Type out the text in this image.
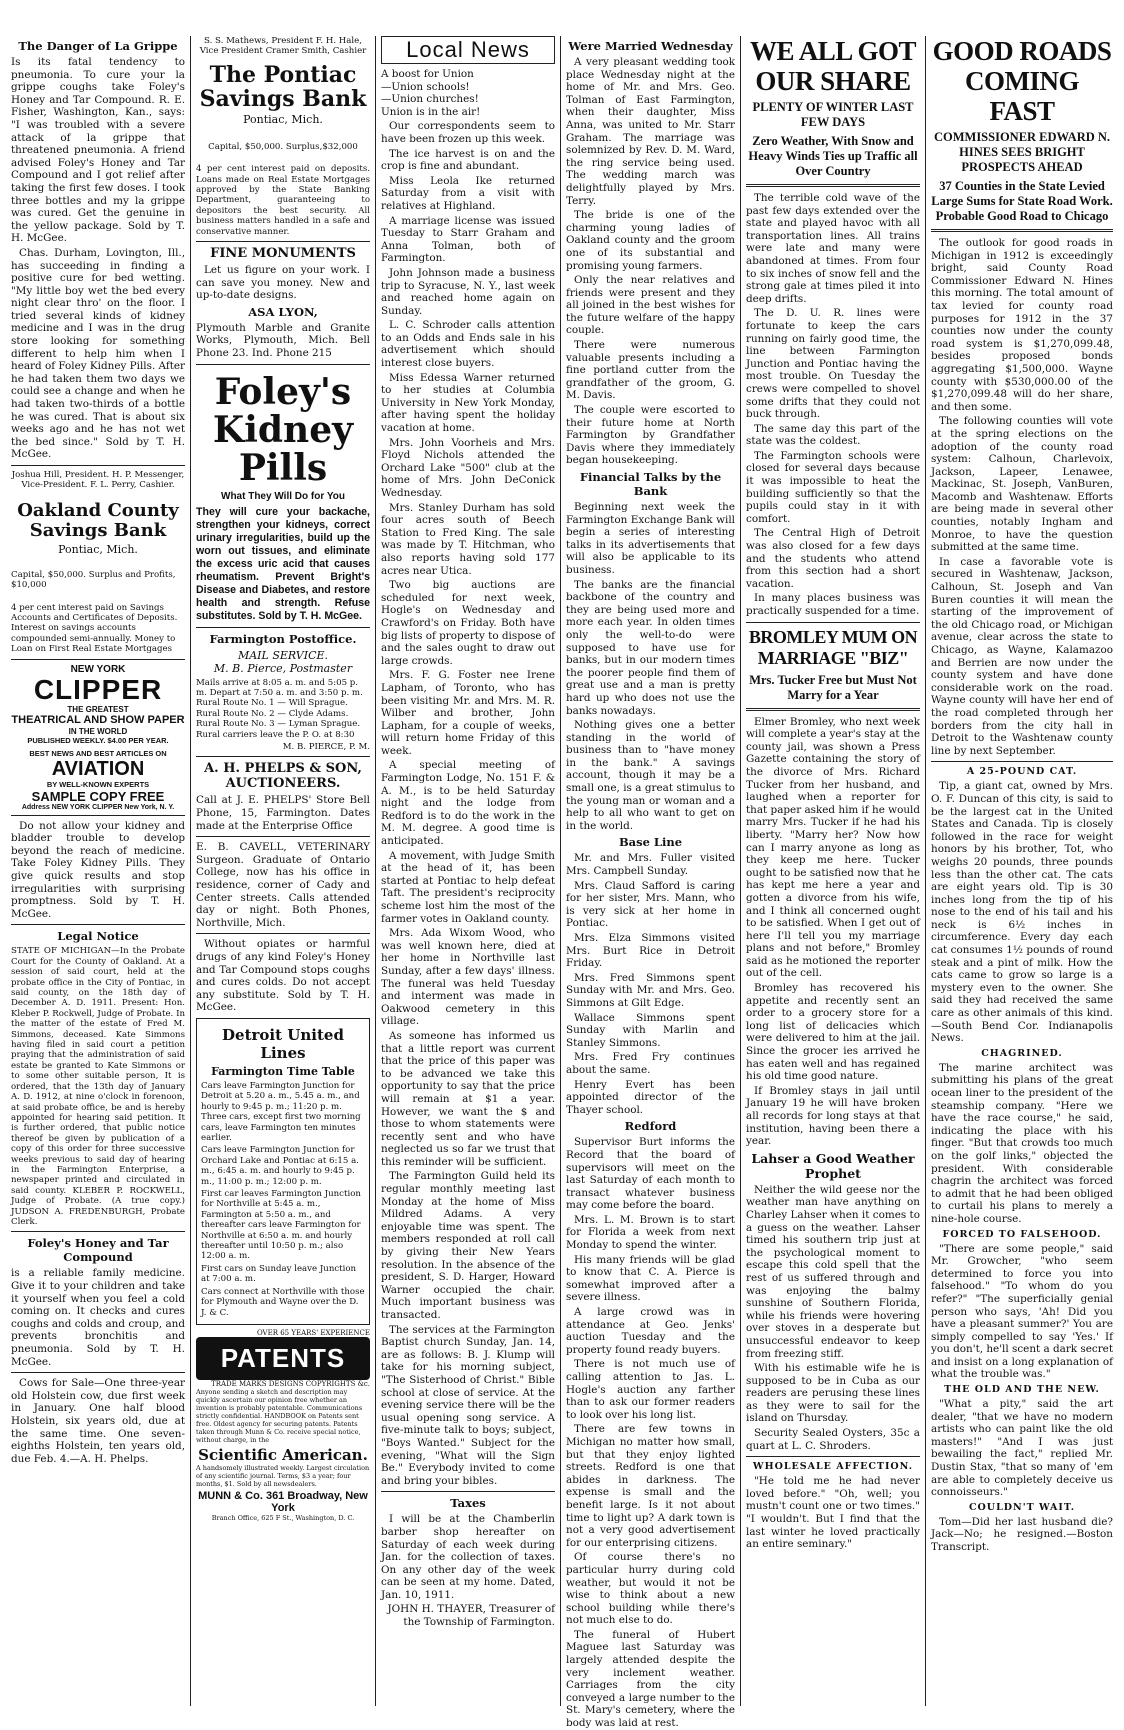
The Danger of La Grippe

Is its fatal tendency to pneumonia. To cure your la grippe coughs take Foley's Honey and Tar Compound. R. E. Fisher, Washington, Kan., says: "I was troubled with a severe attack of la grippe that threatened pneumonia. A friend advised Foley's Honey and Tar Compound and I got relief after taking the first few doses. I took three bottles and my la grippe was cured. Get the genuine in the yellow package. Sold by T. H. McGee.

Chas. Durham, Lovington, Ill., has succeeding in finding a positive cure for bed wetting. "My little boy wet the bed every night clear thro' on the floor. I tried several kinds of kidney medicine and I was in the drug store looking for something different to help him when I heard of Foley Kidney Pills. After he had taken them two days we could see a change and when he had taken two-thirds of a bottle he was cured. That is about six weeks ago and he has not wet the bed since." Sold by T. H. McGee.

Joshua Hill, President. H. P. Messenger, Vice-President. F. L. Perry, Cashier.

Oakland County Savings Bank
Pontiac, Mich.

Capital, $50,000. Surplus and Profits, $10,000

4 per cent interest paid on Savings Accounts and Certificates of Deposits. Interest on savings accounts compounded semi-annually. Money to Loan on First Real Estate Mortgages

NEW YORK
CLIPPER
THE GREATEST
THEATRICAL AND SHOW PAPER
IN THE WORLD
PUBLISHED WEEKLY. $4.00 PER YEAR.
BEST NEWS AND BEST ARTICLES ON
AVIATION
BY WELL-KNOWN EXPERTS
SAMPLE COPY FREE
Address NEW YORK CLIPPER New York, N. Y.

Do not allow your kidney and bladder trouble to develop beyond the reach of medicine. Take Foley Kidney Pills. They give quick results and stop irregularities with surprising promptness. Sold by T. H. McGee.

Legal Notice

STATE OF MICHIGAN—In the Probate Court for the County of Oakland. At a session of said court, held at the probate office in the City of Pontiac, in said county, on the 18th day of December A. D. 1911. Present: Hon. Kleber P. Rockwell, Judge of Probate. In the matter of the estate of Fred M. Simmons, deceased. Kate Simmons having filed in said court a petition praying that the administration of said estate be granted to Kate Simmons or to some other suitable person, It is ordered, that the 13th day of January A. D. 1912, at nine o'clock in forenoon, at said probate office, be and is hereby appointed for hearing said petition. It is further ordered, that public notice thereof be given by publication of a copy of this order for three successive weeks previous to said day of hearing in the Farmington Enterprise, a newspaper printed and circulated in said county. KLEBER P. ROCKWELL, Judge of Probate. (A true copy.) JUDSON A. FREDENBURGH, Probate Clerk.

Foley's Honey and Tar Compound

is a reliable family medicine. Give it to your children and take it yourself when you feel a cold coming on. It checks and cures coughs and colds and croup, and prevents bronchitis and pneumonia. Sold by T. H. McGee.

Cows for Sale—One three-year old Holstein cow, due first week in January. One half blood Holstein, six years old, due at the same time. One seven-eighths Holstein, ten years old, due Feb. 4.—A. H. Phelps.

S. S. Mathews, President F. H. Hale, Vice President Cramer Smith, Cashier

The Pontiac Savings Bank
Pontiac, Mich.

Capital, $50,000. Surplus,$32,000

4 per cent interest paid on deposits. Loans made on Real Estate Mortgages approved by the State Banking Department, guaranteeing to depositors the best security. All business matters handled in a safe and conservative manner.

FINE MONUMENTS

Let us figure on your work. I can save you money. New and up-to-date designs.

ASA LYON,

Plymouth Marble and Granite Works, Plymouth, Mich. Bell Phone 23. Ind. Phone 215

Foley's
Kidney
Pills
What They Will Do for You

They will cure your backache, strengthen your kidneys, correct urinary irregularities, build up the worn out tissues, and eliminate the excess uric acid that causes rheumatism. Prevent Bright's Disease and Diabetes, and restore health and strength. Refuse substitutes. Sold by T. H. McGee.

Farmington Postoffice.
MAIL SERVICE.
M. B. Pierce, Postmaster

Mails arrive at 8:05 a. m. and 5:05 p. m. Depart at 7:50 a. m. and 3:50 p. m. Rural Route No. 1 — Will Sprague. Rural Route No. 2 — Clyde Adams. Rural Route No. 3 — Lyman Sprague. Rural carriers leave the P. O. at 8:30

M. B. PIERCE, P. M.

A. H. PHELPS & SON, AUCTIONEERS.

Call at J. E. PHELPS' Store Bell Phone, 15, Farmington. Dates made at the Enterprise Office

E. B. CAVELL, VETERINARY Surgeon. Graduate of Ontario College, now has his office in residence, corner of Cady and Center streets. Calls attended day or night. Both Phones, Northville, Mich.

Without opiates or harmful drugs of any kind Foley's Honey and Tar Compound stops coughs and cures colds. Do not accept any substitute. Sold by T. H. McGee.

Detroit United Lines
Farmington Time Table

Cars leave Farmington Junction for Detroit at 5.20 a. m., 5.45 a. m., and hourly to 9:45 p. m.; 11:20 p. m. Three cars, except first two morning cars, leave Farmington ten minutes earlier.

Cars leave Farmington Junction for Orchard Lake and Pontiac at 6:15 a. m., 6:45 a. m. and hourly to 9:45 p. m., 11:00 p. m.; 12:00 p. m.

First car leaves Farmington Junction for Northville at 5:45 a. m., Farmington at 5:50 a. m., and thereafter cars leave Farmington for Northville at 6:50 a. m. and hourly thereafter until 10:50 p. m.; also 12:00 a. m.

First cars on Sunday leave Junction at 7:00 a. m.

Cars connect at Northville with those for Plymouth and Wayne over the D. J. & C.

OVER 65 YEARS' EXPERIENCE
PATENTS
TRADE MARKS DESIGNS COPYRIGHTS &c.

Anyone sending a sketch and description may quickly ascertain our opinion free whether an invention is probably patentable. Communications strictly confidential. HANDBOOK on Patents sent free. Oldest agency for securing patents. Patents taken through Munn & Co. receive special notice, without charge, in the

Scientific American.

A handsomely illustrated weekly. Largest circulation of any scientific journal. Terms, $3 a year; four months, $1. Sold by all newsdealers.

MUNN & Co. 361 Broadway, New York
Branch Office, 625 F St., Washington, D. C.
Local News

A boost for Union
—Union schools!
—Union churches!
Union is in the air!

Our correspondents seem to have been frozen up this week.

The ice harvest is on and the crop is fine and abundant.

Miss Leola Ike returned Saturday from a visit with relatives at Highland.

A marriage license was issued Tuesday to Starr Graham and Anna Tolman, both of Farmington.

John Johnson made a business trip to Syracuse, N. Y., last week and reached home again on Sunday.

L. C. Schroder calls attention to an Odds and Ends sale in his advertisement which should interest close buyers.

Miss Edessa Warner returned to her studies at Columbia University in New York Monday, after having spent the holiday vacation at home.

Mrs. John Voorheis and Mrs. Floyd Nichols attended the Orchard Lake "500" club at the home of Mrs. John DeConick Wednesday.

Mrs. Stanley Durham has sold four acres south of Beech Station to Fred King. The sale was made by T. Hitchman, who also reports having sold 177 acres near Utica.

Two big auctions are scheduled for next week, Hogle's on Wednesday and Crawford's on Friday. Both have big lists of property to dispose of and the sales ought to draw out large crowds.

Mrs. F. G. Foster nee Irene Lapham, of Toronto, who has been visiting Mr. and Mrs. M. R. Wilber and brother, John Lapham, for a couple of weeks, will return home Friday of this week.

A special meeting of Farmington Lodge, No. 151 F. & A. M., is to be held Saturday night and the lodge from Redford is to do the work in the M. M. degree. A good time is anticipated.

A movement, with Judge Smith at the head of it, has been started at Pontiac to help defeat Taft. The president's reciprocity scheme lost him the most of the farmer votes in Oakland county.

Mrs. Ada Wixom Wood, who was well known here, died at her home in Northville last Sunday, after a few days' illness. The funeral was held Tuesday and interment was made in Oakwood cemetery in this village.

As someone has informed us that a little report was current that the price of this paper was to be advanced we take this opportunity to say that the price will remain at $1 a year. However, we want the $ and those to whom statements were recently sent and who have neglected us so far we trust that this reminder will be sufficient.

The Farmington Guild held its regular monthly meeting last Monday at the home of Miss Mildred Adams. A very enjoyable time was spent. The members responded at roll call by giving their New Years resolution. In the absence of the president, S. D. Harger, Howard Warner occupied the chair. Much important business was transacted.

The services at the Farmington Baptist church Sunday, Jan. 14, are as follows: B. J. Klump will take for his morning subject, "The Sisterhood of Christ." Bible school at close of service. At the evening service there will be the usual opening song service. A five-minute talk to boys; subject, "Boys Wanted." Subject for the evening, "What will the Sign Be." Everybody invited to come and bring your bibles.

Taxes

I will be at the Chamberlin barber shop hereafter on Saturday of each week during Jan. for the collection of taxes. On any other day of the week can be seen at my home. Dated, Jan. 10, 1911.

JOHN H. THAYER, Treasurer of the Township of Farmington.

Were Married Wednesday

A very pleasant wedding took place Wednesday night at the home of Mr. and Mrs. Geo. Tolman of East Farmington, when their daughter, Miss Anna, was united to Mr. Starr Graham. The marriage was solemnized by Rev. D. M. Ward, the ring service being used. The wedding march was delightfully played by Mrs. Terry.

The bride is one of the charming young ladies of Oakland county and the groom one of its substantial and promising young farmers.

Only the near relatives and friends were present and they all joined in the best wishes for the future welfare of the happy couple.

There were numerous valuable presents including a fine portland cutter from the grandfather of the groom, G. M. Davis.

The couple were escorted to their future home at North Farmington by Grandfather Davis where they immediately began housekeeping.

Financial Talks by the Bank

Beginning next week the Farmington Exchange Bank will begin a series of interesting talks in its advertisements that will also be applicable to its business.

The banks are the financial backbone of the country and they are being used more and more each year. In olden times only the well-to-do were supposed to have use for banks, but in our modern times the poorer people find them of great use and a man is pretty hard up who does not use the banks nowadays.

Nothing gives one a better standing in the world of business than to "have money in the bank." A savings account, though it may be a small one, is a great stimulus to the young man or woman and a help to all who want to get on in the world.

Base Line

Mr. and Mrs. Fuller visited Mrs. Campbell Sunday.

Mrs. Claud Safford is caring for her sister, Mrs. Mann, who is very sick at her home in Pontiac.

Mrs. Elza Simmons visited Mrs. Burt Rice in Detroit Friday.

Mrs. Fred Simmons spent Sunday with Mr. and Mrs. Geo. Simmons at Gilt Edge.

Wallace Simmons spent Sunday with Marlin and Stanley Simmons.

Mrs. Fred Fry continues about the same.

Henry Evert has been appointed director of the Thayer school.

Redford

Supervisor Burt informs the Record that the board of supervisors will meet on the last Saturday of each month to transact whatever business may come before the board.

Mrs. L. M. Brown is to start for Florida a week from next Monday to spend the winter.

His many friends will be glad to know that C. A. Pierce is somewhat improved after a severe illness.

A large crowd was in attendance at Geo. Jenks' auction Tuesday and the property found ready buyers.

There is not much use of calling attention to Jas. L. Hogle's auction any farther than to ask our former readers to look over his long list.

There are few towns in Michigan no matter how small, but that they enjoy lighted streets. Redford is one that abides in darkness. The expense is small and the benefit large. Is it not about time to light up? A dark town is not a very good advertisement for our enterprising citizens.

Of course there's no particular hurry during cold weather, but would it not be wise to think about a new school building while there's not much else to do.

The funeral of Hubert Maguee last Saturday was largely attended despite the very inclement weather. Carriages from the city conveyed a large number to the St. Mary's cemetery, where the body was laid at rest.

WE ALL GOT OUR SHARE
PLENTY OF WINTER LAST FEW DAYS
Zero Weather, With Snow and Heavy Winds Ties up Traffic all Over Country

The terrible cold wave of the past few days extended over the state and played havoc with all transportation lines. All trains were late and many were abandoned at times. From four to six inches of snow fell and the strong gale at times piled it into deep drifts.

The D. U. R. lines were fortunate to keep the cars running on fairly good time, the line between Farmington Junction and Pontiac having the most trouble. On Tuesday the crews were compelled to shovel some drifts that they could not buck through.

The same day this part of the state was the coldest.

The Farmington schools were closed for several days because it was impossible to heat the building sufficiently so that the pupils could stay in it with comfort.

The Central High of Detroit was also closed for a few days and the students who attend from this section had a short vacation.

In many places business was practically suspended for a time.

BROMLEY MUM ON MARRIAGE "BIZ"
Mrs. Tucker Free but Must Not Marry for a Year

Elmer Bromley, who next week will complete a year's stay at the county jail, was shown a Press Gazette containing the story of the divorce of Mrs. Richard Tucker from her husband, and laughed when a reporter for that paper asked him if he would marry Mrs. Tucker if he had his liberty. "Marry her? Now how can I marry anyone as long as they keep me here. Tucker ought to be satisfied now that he has kept me here a year and gotten a divorce from his wife, and I think all concerned ought to be satisfied. When I get out of here I'll tell you my marriage plans and not before," Bromley said as he motioned the reporter out of the cell.

Bromley has recovered his appetite and recently sent an order to a grocery store for a long list of delicacies which were delivered to him at the jail. Since the grocer ies arrived he has eaten well and has regained his old time good nature.

If Bromley stays in jail until January 19 he will have broken all records for long stays at that institution, having been there a year.

Lahser a Good Weather Prophet

Neither the wild geese nor the weather man have anything on Charley Lahser when it comes to a guess on the weather. Lahser timed his southern trip just at the psychological moment to escape this cold spell that the rest of us suffered through and was enjoying the balmy sunshine of Southern Florida, while his friends were hovering over stoves in a desperate but unsuccessful endeavor to keep from freezing stiff.

With his estimable wife he is supposed to be in Cuba as our readers are perusing these lines as they were to sail for the island on Thursday.

Security Sealed Oysters, 35c a quart at L. C. Shroders.

WHOLESALE AFFECTION.

"He told me he had never loved before." "Oh, well; you mustn't count one or two times." "I wouldn't. But I find that the last winter he loved practically an entire seminary."

GOOD ROADS COMING FAST
COMMISSIONER EDWARD N. HINES SEES BRIGHT PROSPECTS AHEAD
37 Counties in the State Levied Large Sums for State Road Work. Probable Good Road to Chicago

The outlook for good roads in Michigan in 1912 is exceedingly bright, said County Road Commissioner Edward N. Hines this morning. The total amount of tax levied for county road purposes for 1912 in the 37 counties now under the county road system is $1,270,099.48, besides proposed bonds aggregating $1,500,000. Wayne county with $530,000.00 of the $1,270,099.48 will do her share, and then some.

The following counties will vote at the spring elections on the adoption of the county road system: Calhoun, Charlevoix, Jackson, Lapeer, Lenawee, Mackinac, St. Joseph, VanBuren, Macomb and Washtenaw. Efforts are being made in several other counties, notably Ingham and Monroe, to have the question submitted at the same time.

In case a favorable vote is secured in Washtenaw, Jackson, Calhoun, St. Joseph and Van Buren counties it will mean the starting of the improvement of the old Chicago road, or Michigan avenue, clear across the state to Chicago, as Wayne, Kalamazoo and Berrien are now under the county system and have done considerable work on the road. Wayne county will have her end of the road completed through her borders from the city hall in Detroit to the Washtenaw county line by next September.

A 25-POUND CAT.

Tip, a giant cat, owned by Mrs. O. F. Duncan of this city, is said to be the largest cat in the United States and Canada. Tip is closely followed in the race for weight honors by his brother, Tot, who weighs 20 pounds, three pounds less than the other cat. The cats are eight years old. Tip is 30 inches long from the tip of his nose to the end of his tail and his neck is 6½ inches in circumference. Every day each cat consumes 1½ pounds of round steak and a pint of milk. How the cats came to grow so large is a mystery even to the owner. She said they had received the same care as other animals of this kind.—South Bend Cor. Indianapolis News.

CHAGRINED.

The marine architect was submitting his plans of the great ocean liner to the president of the steamship company. "Here we have the race course," he said, indicating the place with his finger. "But that crowds too much on the golf links," objected the president. With considerable chagrin the architect was forced to admit that he had been obliged to curtail his plans to merely a nine-hole course.

FORCED TO FALSEHOOD.

"There are some people," said Mr. Growcher, "who seem determined to force you into falsehood." "To whom do you refer?" "The superficially genial person who says, 'Ah! Did you have a pleasant summer?' You are simply compelled to say 'Yes.' If you don't, he'll scent a dark secret and insist on a long explanation of what the trouble was."

THE OLD AND THE NEW.

"What a pity," said the art dealer, "that we have no modern artists who can paint like the old masters!" "And I was just bewailing the fact," replied Mr. Dustin Stax, "that so many of 'em are able to completely deceive us connoisseurs."

COULDN'T WAIT.

Tom—Did her last husband die? Jack—No; he resigned.—Boston Transcript.
